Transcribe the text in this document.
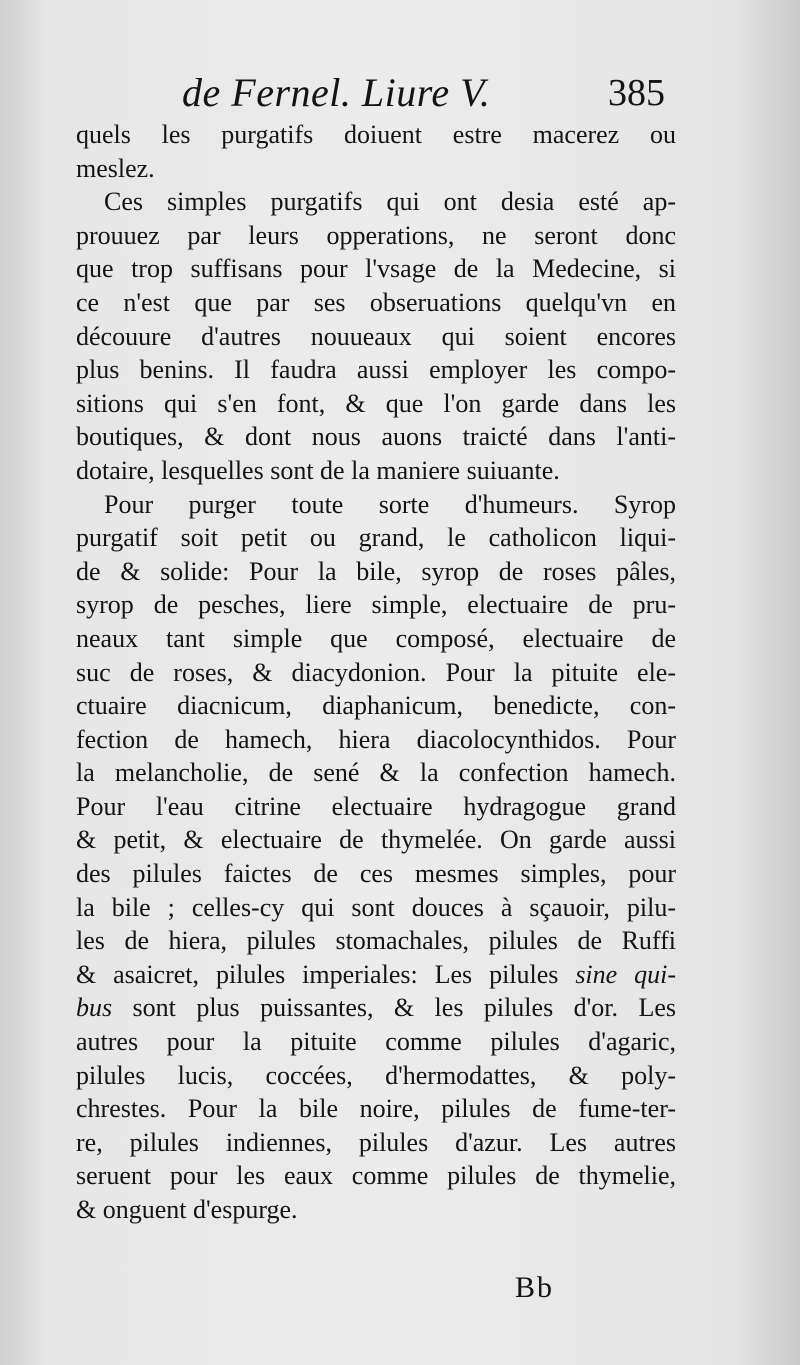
de Fernel. Liure V.	385
quels les purgatifs doiuent estre macerez ou
meslez.
Ces simples purgatifs qui ont desia esté ap-
prouuez par leurs opperations, ne seront donc
que trop suffisans pour l'vsage de la Medecine, si
ce n'est que par ses obseruations quelqu'vn en
découure d'autres nouueaux qui soient encores
plus benins. Il faudra aussi employer les compo-
sitions qui s'en font, & que l'on garde dans les
boutiques, & dont nous auons traicté dans l'anti-
dotaire, lesquelles sont de la maniere suiuante.
Pour purger toute sorte d'humeurs. Syrop
purgatif soit petit ou grand, le catholicon liqui-
de & solide: Pour la bile, syrop de roses pâles,
syrop de pesches, liere simple, electuaire de pru-
neaux tant simple que composé, electuaire de
suc de roses, & diacydonion. Pour la pituite ele-
ctuaire diacnicum, diaphanicum, benedicte, con-
fection de hamech, hiera diacolocynthidos. Pour
la melancholie, de sené & la confection hamech.
Pour l'eau citrine electuaire hydragogue grand
& petit, & electuaire de thymelée. On garde aussi
des pilules faictes de ces mesmes simples, pour
la bile ; celles-cy qui sont douces à sçauoir, pilu-
les de hiera, pilules stomachales, pilules de Ruffi
& asaicret, pilules imperiales: Les pilules sine qui-
bus sont plus puissantes, & les pilules d'or. Les
autres pour la pituite comme pilules d'agaric,
pilules lucis, coccées, d'hermodattes, & poly-
chrestes. Pour la bile noire, pilules de fume-ter-
re, pilules indiennes, pilules d'azur. Les autres
seruent pour les eaux comme pilules de thymelie,
& onguent d'espurge.
Bb
